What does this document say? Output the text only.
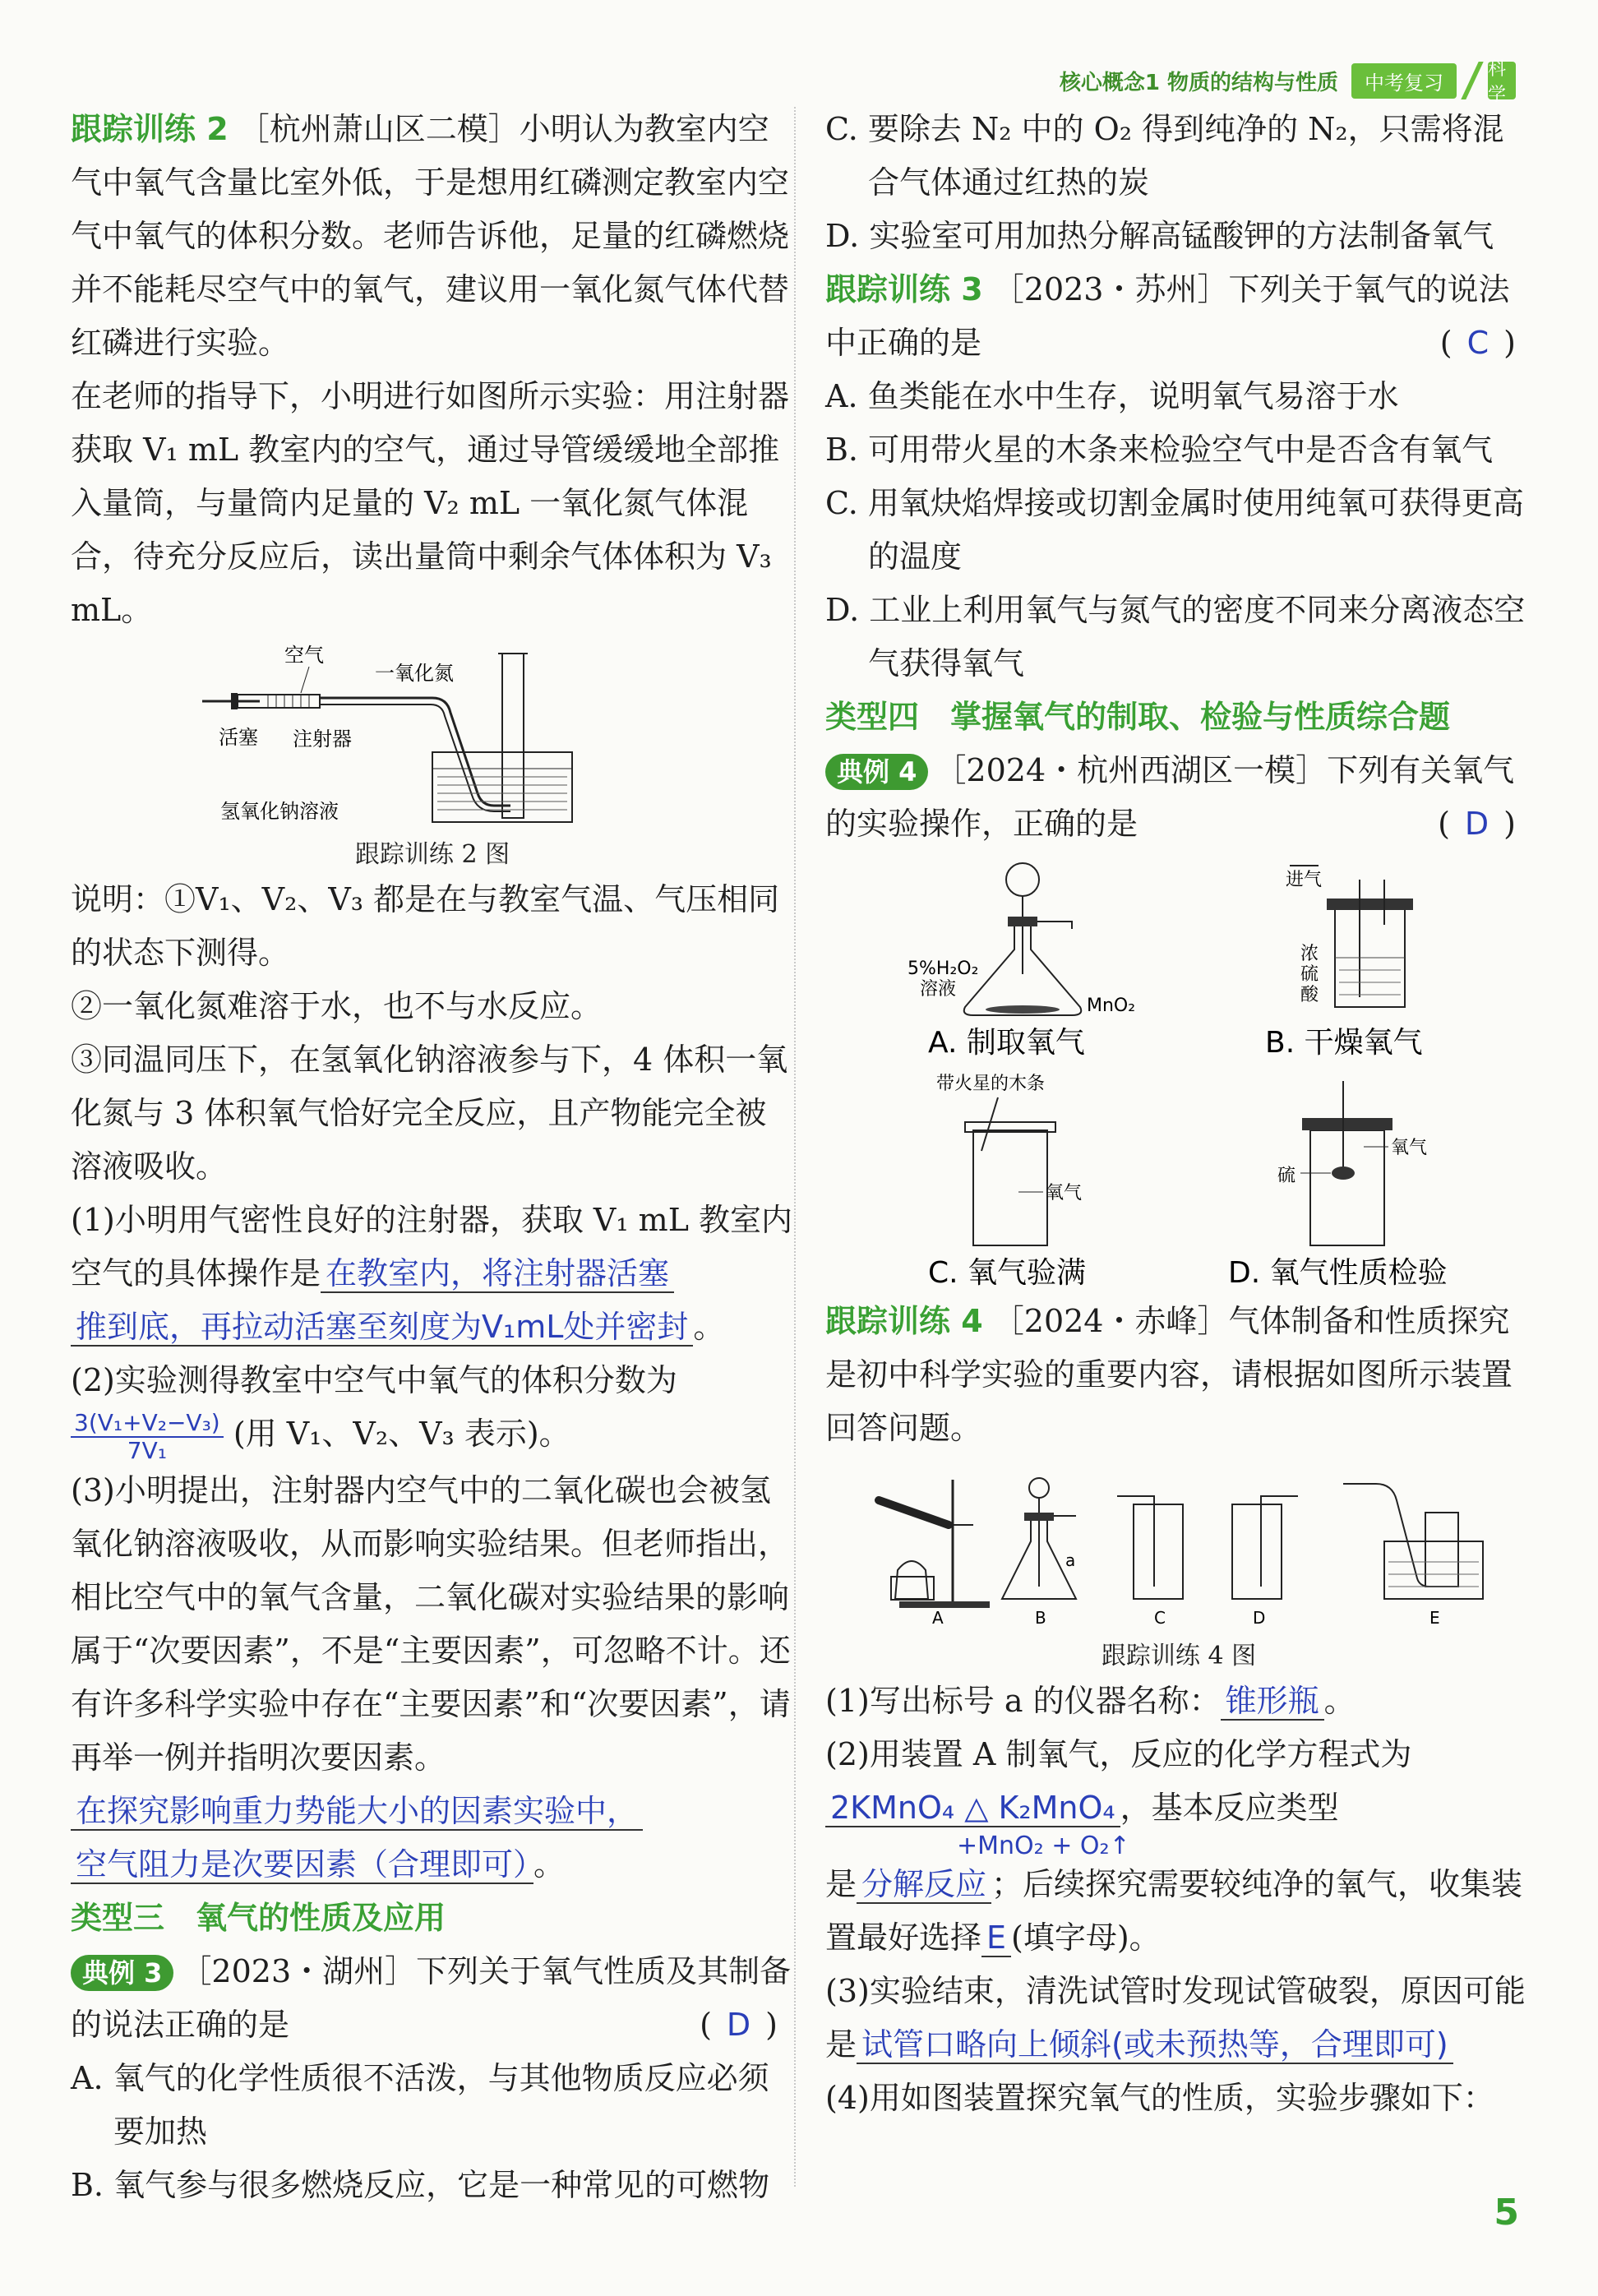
核心概念1 物质的结构与性质	中考复习
科学

跟踪训练 2 ［杭州萧山区二模］小明认为教室内空气中氧气含量比室外低，于是想用红磷测定教室内空气中氧气的体积分数。老师告诉他，足量的红磷燃烧并不能耗尽空气中的氧气，建议用一氧化氮气体代替红磷进行实验。

在老师的指导下，小明进行如图所示实验：用注射器获取 V₁ mL 教室内的空气，通过导管缓缓地全部推入量筒，与量筒内足量的 V₂ mL 一氧化氮气体混合，待充分反应后，读出量筒中剩余气体体积为 V₃ mL。

空气
一氧化氮
活塞 注射器
氢氧化钠溶液
跟踪训练 2 图

说明：①V₁、V₂、V₃ 都是在与教室气温、气压相同的状态下测得。

②一氧化氮难溶于水，也不与水反应。

③同温同压下，在氢氧化钠溶液参与下，4 体积一氧化氮与 3 体积氧气恰好完全反应，且产物能完全被溶液吸收。

(1)小明用气密性良好的注射器，获取 V₁ mL 教室内空气的具体操作是 在教室内，将注射器活塞

推到底，再拉动活塞至刻度为V₁mL处并密封 。

(2)实验测得教室中空气中氧气的体积分数为

$\frac{\text{3(V₁+V₂−V₃)}}{\text{7V₁}}$ (用 V₁、V₂、V₃ 表示)。

(3)小明提出，注射器内空气中的二氧化碳也会被氢氧化钠溶液吸收，从而影响实验结果。但老师指出，相比空气中的氧气含量，二氧化碳对实验结果的影响属于“次要因素”，不是“主要因素”，可忽略不计。还有许多科学实验中存在“主要因素”和“次要因素”，请再举一例并指明次要因素。

在探究影响重力势能大小的因素实验中，

空气阻力是次要因素（合理即可） 。

类型三　氧气的性质及应用

典例 3 ［2023・湖州］下列关于氧气性质及其制备的说法正确的是	( D )

A. 氧气的化学性质很不活泼，与其他物质反应必须要加热

B. 氧气参与很多燃烧反应，它是一种常见的可燃物

C. 要除去 N₂ 中的 O₂ 得到纯净的 N₂，只需将混合气体通过红热的炭

D. 实验室可用加热分解高锰酸钾的方法制备氧气

跟踪训练 3 ［2023・苏州］下列关于氧气的说法中正确的是	( C )

A. 鱼类能在水中生存，说明氧气易溶于水

B. 可用带火星的木条来检验空气中是否含有氧气

C. 用氧炔焰焊接或切割金属时使用纯氧可获得更高的温度

D. 工业上利用氧气与氮气的密度不同来分离液态空气获得氧气

类型四　掌握氧气的制取、检验与性质综合题

典例 4 ［2024・杭州西湖区一模］下列有关氧气的实验操作，正确的是	( D )

5%H₂O₂
溶液
MnO₂
A. 制取氧气
进气
浓
硫
酸
B. 干燥氧气
带火星的木条
氧气
C. 氧气验满
氧气
硫
D. 氧气性质检验

跟踪训练 4 ［2024・赤峰］气体制备和性质探究是初中科学实验的重要内容，请根据如图所示装置回答问题。

a
A	B	C	D	E
跟踪训练 4 图

(1)写出标号 a 的仪器名称： 锥形瓶 。

(2)用装置 A 制氧气，反应的化学方程式为

2KMnO₄ △ K₂MnO₄ ，基本反应类型

+MnO₂ + O₂↑

是 分解反应 ；后续探究需要较纯净的氧气，收集装置最好选择 E (填字母)。

(3)实验结束，清洗试管时发现试管破裂，原因可能是 试管口略向上倾斜(或未预热等，合理即可)

(4)用如图装置探究氧气的性质，实验步骤如下：

5
